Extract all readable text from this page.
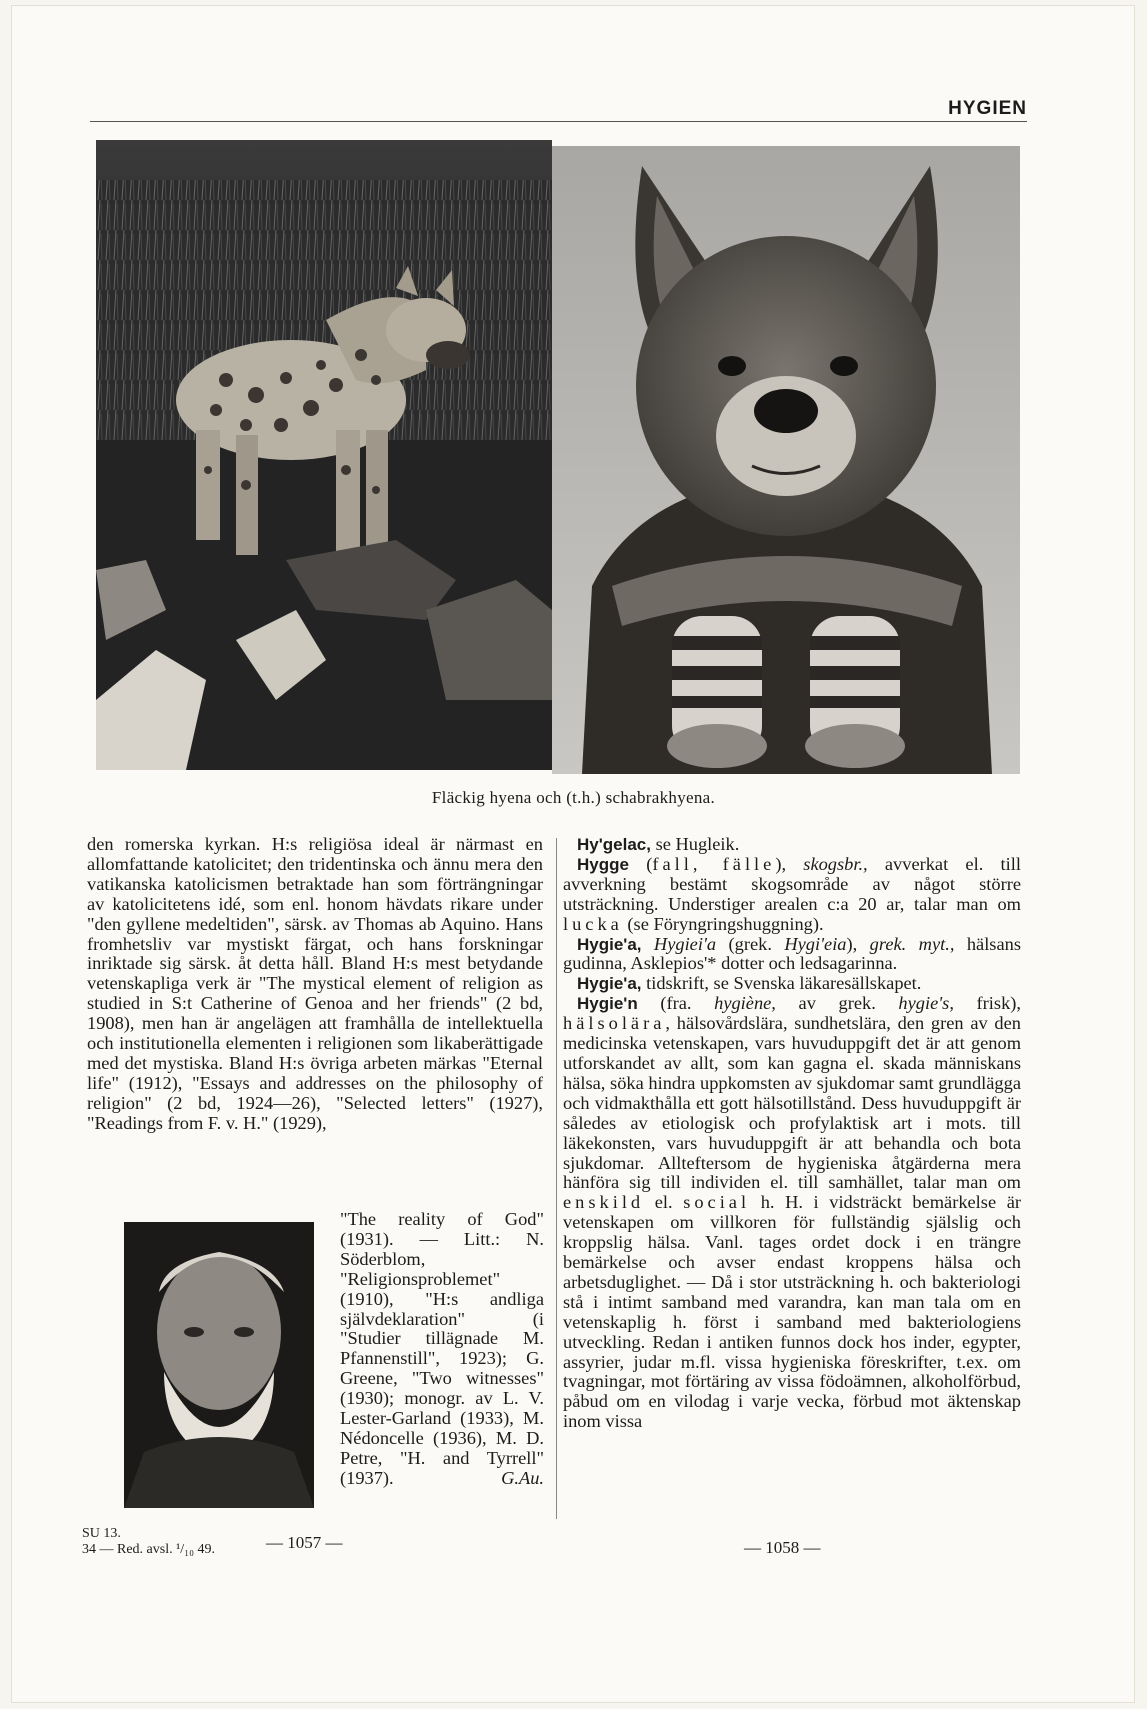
HYGIEN
Fläckig hyena och (t.h.) schabrakhyena.

den romerska kyrkan. H:s religiösa ideal är närmast en allomfattande katolicitet; den tridentinska och ännu mera den vatikanska katolicismen betraktade han som förträngningar av katolicitetens idé, som enl. honom hävdats rikare under "den gyllene medeltiden", särsk. av Thomas ab Aquino. Hans fromhetsliv var mystiskt färgat, och hans forskningar inriktade sig särsk. åt detta håll. Bland H:s mest betydande vetenskapliga verk är "The mystical element of religion as studied in S:t Catherine of Genoa and her friends" (2 bd, 1908), men han är angelägen att framhålla de intellektuella och institutionella elementen i religionen som likaberättigade med det mystiska. Bland H:s övriga arbeten märkas "Eternal life" (1912), "Essays and addresses on the philosophy of religion" (2 bd, 1924—26), "Selected letters" (1927), "Readings from F. v. H." (1929),

"The reality of God" (1931). — Litt.: N. Söderblom, "Religionsproblemet" (1910), "H:s andliga självdeklaration" (i "Studier tillägnade M. Pfannenstill", 1923); G. Greene, "Two witnesses" (1930); monogr. av L. V. Lester-Garland (1933), M. Nédoncelle (1936), M. D. Petre, "H. and Tyrrell" (1937).	G.Au.

Hy'gelac, se Hugleik.

Hygge (fall, fälle), skogsbr., avverkat el. till avverkning bestämt skogsområde av något större utsträckning. Understiger arealen c:a 20 ar, talar man om lucka (se Föryngringshuggning).

Hygie'a, Hygiei'a (grek. Hygi'eia), grek. myt., hälsans gudinna, Asklepios'* dotter och ledsagarinna.

Hygie'a, tidskrift, se Svenska läkaresällskapet.

Hygie'n (fra. hygiène, av grek. hygie's, frisk), hälsolära, hälsovårdslära, sundhetslära, den gren av den medicinska vetenskapen, vars huvuduppgift det är att genom utforskandet av allt, som kan gagna el. skada människans hälsa, söka hindra uppkomsten av sjukdomar samt grundlägga och vidmakthålla ett gott hälsotillstånd. Dess huvuduppgift är således av etiologisk och profylaktisk art i mots. till läkekonsten, vars huvuduppgift är att behandla och bota sjukdomar. Allteftersom de hygieniska åtgärderna mera hänföra sig till individen el. till samhället, talar man om enskild el. social h. H. i vidsträckt bemärkelse är vetenskapen om villkoren för fullständig själslig och kroppslig hälsa. Vanl. tages ordet dock i en trängre bemärkelse och avser endast kroppens hälsa och arbetsduglighet. — Då i stor utsträckning h. och bakteriologi stå i intimt samband med varandra, kan man tala om en vetenskaplig h. först i samband med bakteriologiens utveckling. Redan i antiken funnos dock hos inder, egypter, assyrier, judar m.fl. vissa hygieniska föreskrifter, t.ex. om tvagningar, mot förtäring av vissa födoämnen, alkoholförbud, påbud om en vilodag i varje vecka, förbud mot äktenskap inom vissa

SU 13.
34 — Red. avsl. ¹/₁₀ 49.	— 1057 —	— 1058 —
